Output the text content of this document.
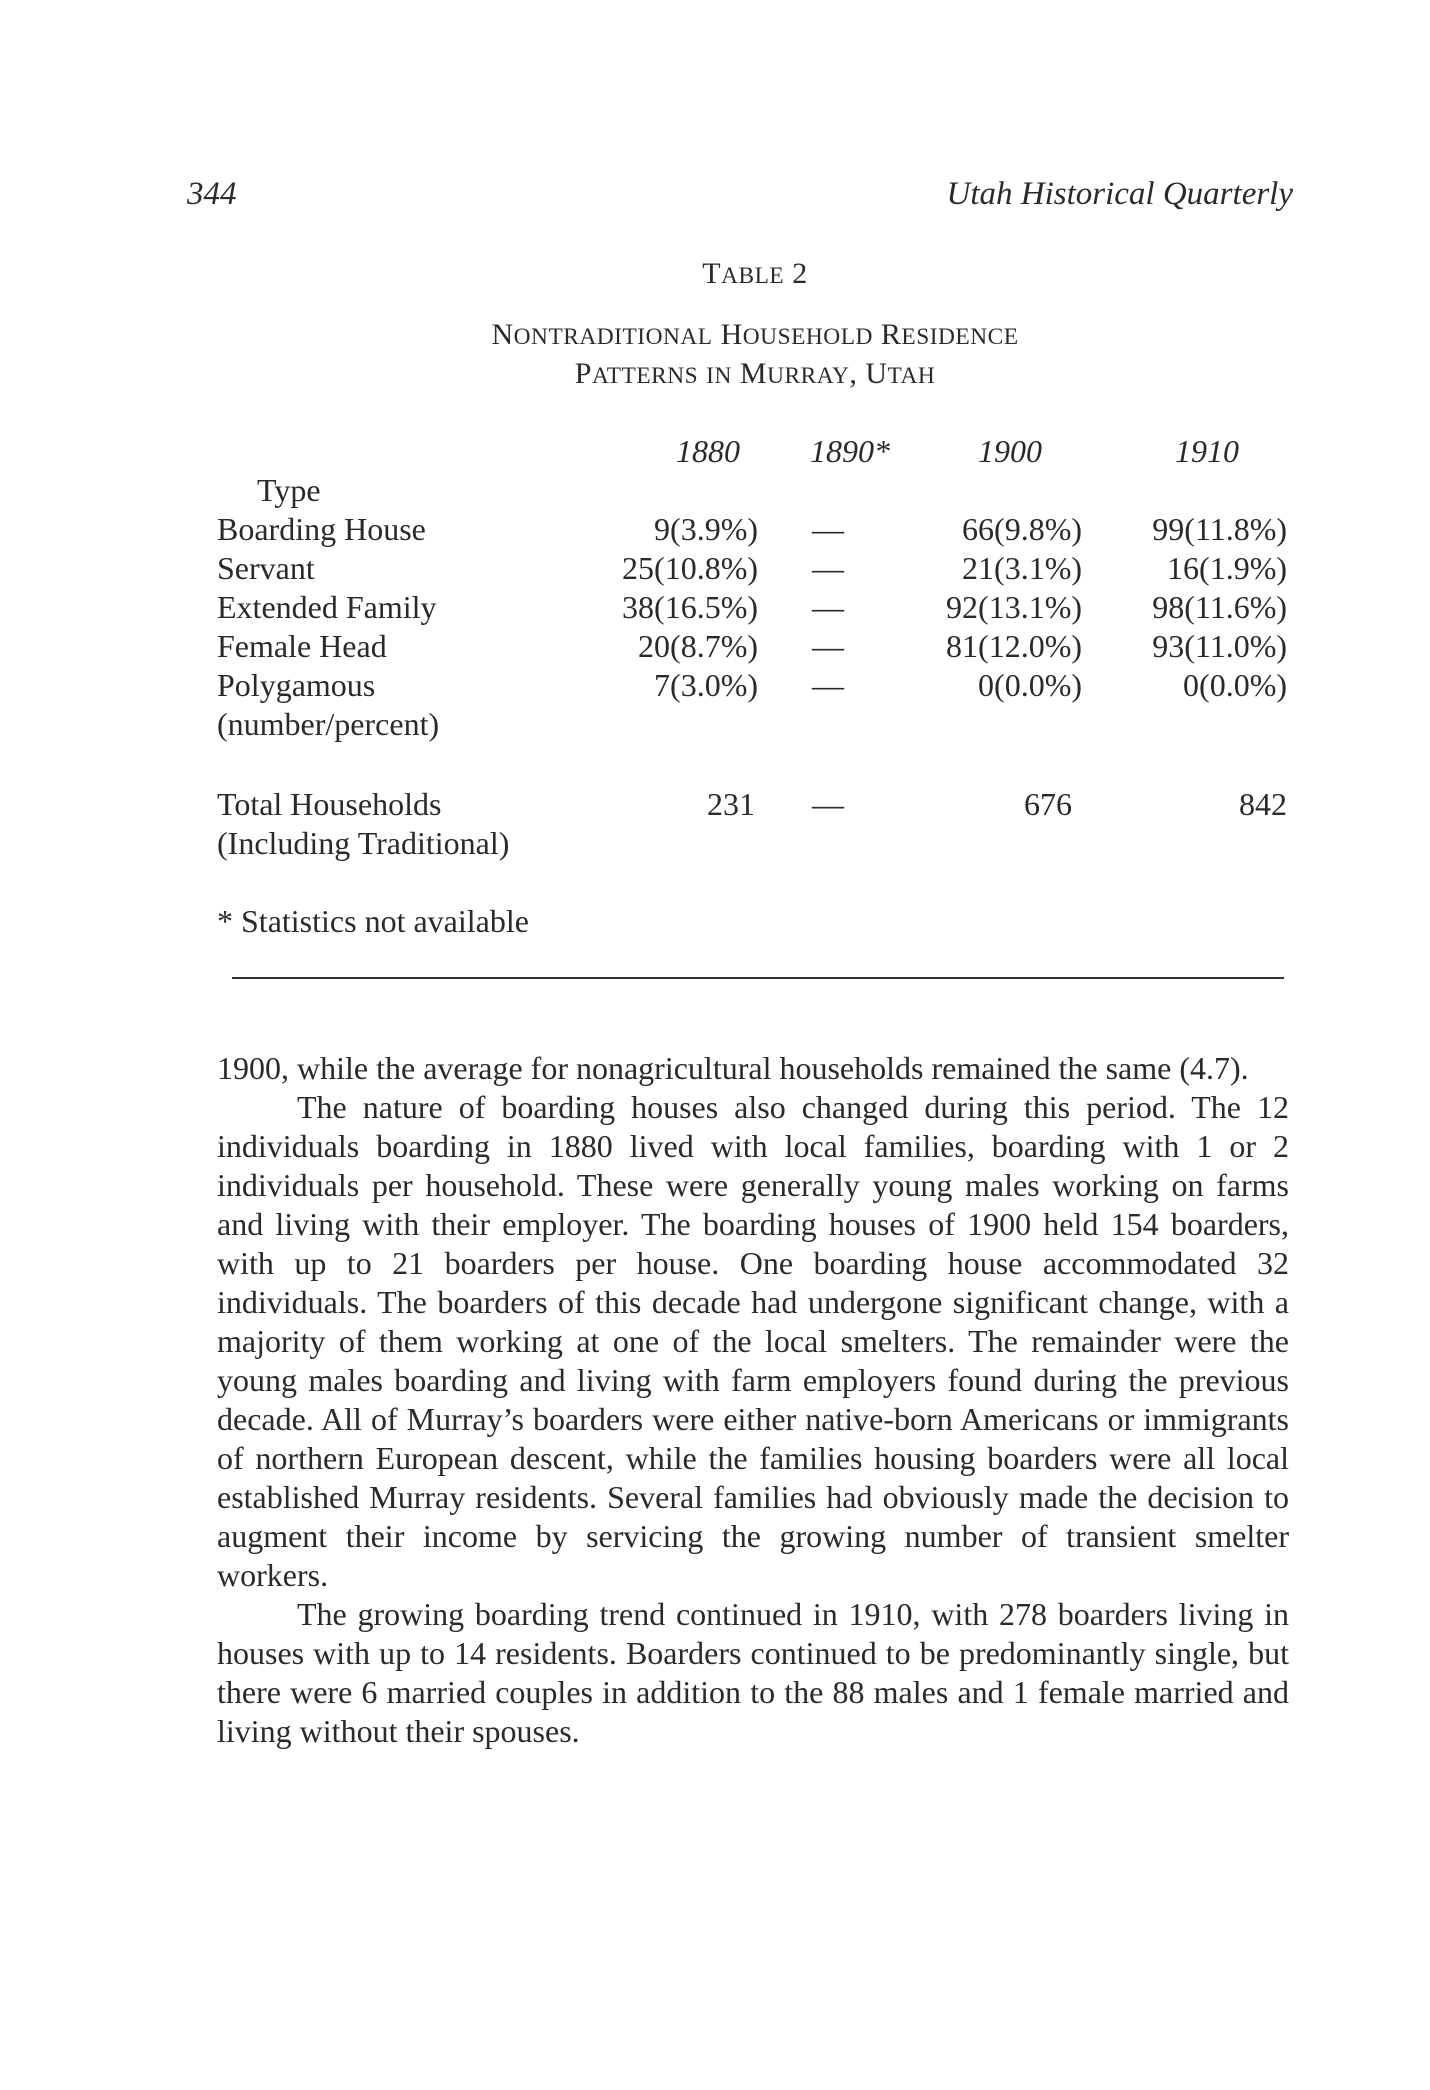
344	Utah Historical Quarterly
TABLE 2
NONTRADITIONAL HOUSEHOLD RESIDENCE
PATTERNS IN MURRAY, UTAH
1880 1890*	1900	1910
Type
Boarding House	9(3.9%) —	66(9.8%) 99(11.8%)
Servant	25(10.8%) —	21(3.1%)	16(1.9%)
Extended Family	38(16.5%) —	92(13.1%) 98(11.6%)
Female Head	20(8.7%) —	81(12.0%) 93(11.0%)
Polygamous	7(3.0%) —	0(0.0%)	0(0.0%)
(number/percent)
Total Households	231 —	676	842
(Including Traditional)
* Statistics not available

1900, while the average for nonagricultural households remained the same (4.7).

The nature of boarding houses also changed during this period. The 12 individuals boarding in 1880 lived with local families, boarding with 1 or 2 individuals per household. These were generally young males working on farms and living with their employer. The boarding houses of 1900 held 154 boarders, with up to 21 boarders per house. One boarding house accommodated 32 individuals. The boarders of this decade had undergone significant change, with a majority of them working at one of the local smelters. The remainder were the young males boarding and living with farm employers found during the previous decade. All of Murray’s boarders were either native-born Americans or immigrants of northern European descent, while the families housing boarders were all local established Murray residents. Several families had obviously made the decision to augment their income by servicing the growing number of transient smelter workers.

The growing boarding trend continued in 1910, with 278 boarders living in houses with up to 14 residents. Boarders continued to be predominantly single, but there were 6 married couples in addition to the 88 males and 1 female married and living without their spouses.
